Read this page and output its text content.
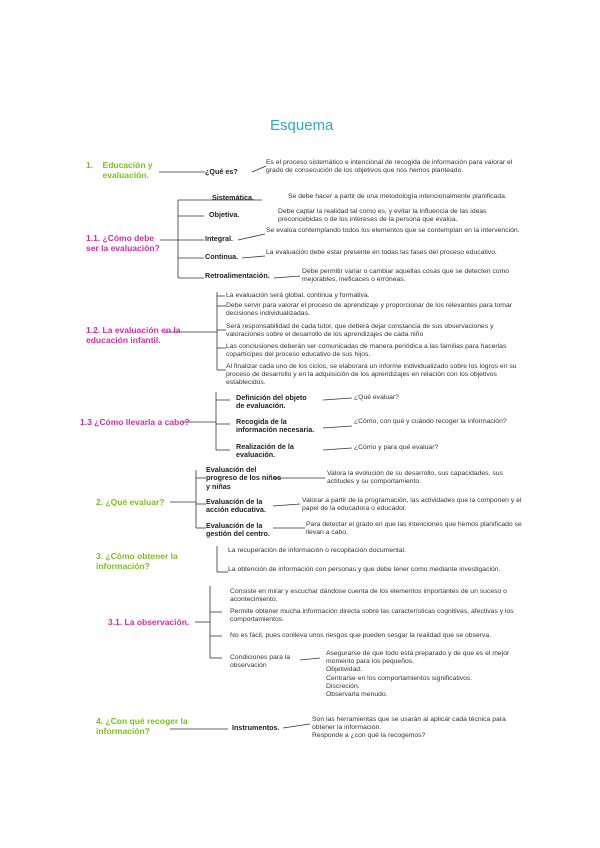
Esquema
1.    Educación y
evaluación.	¿Qué es?
Es el proceso sistemático e intencional de recogida de información para valorar el grado de consecución de los objetivos que nos hemos planteado.
1.1. ¿Cómo debe
ser la evaluación?
Sistemática.	Se debe hacer a partir de una metodología intencionalmente planificada.
Objetiva.	Debe captar la realidad tal como es, y evitar la influencia de las ideas preconcebidas o de los intereses de la persona que evalúa.
Integral.
Se evalúa contemplando todos los elementos que se contemplan en la intervención.
Continua.	La evaluación debe estar presente en todas las fases del proceso educativo.
Retroalimentación.	Debe permitir variar o cambiar aquellas cosas que se detecten como mejorables, ineficaces o erróneas.
1.2. La evaluación en la
educación infantil.
La evaluación será global, continua y formativa.
Debe servir para valorar el proceso de aprendizaje y proporcionar de los relevantes para tomar decisiones individualizadas.
Será responsabilidad de cada tutor, que deberá dejar constancia de sus observaciones y valoraciones sobre el desarrollo de los aprendizajes de cada niño
Las conclusiones deberán ser comunicadas de manera periódica a las familias para hacerlas copartícipes del proceso educativo de sus hijos.
Al finalizar cada uno de los ciclos, se elaborará un informe individualizado sobre los logros en su proceso de desarrollo y en la adquisición de los aprendizajes en relación con los objetivos establecidos.
1.3 ¿Cómo llevarla a cabo?
Definición del objeto
de evaluación.
¿Qué evaluar?
Recogida de la
información necesaria.
¿Cómo, con qué y cuándo recoger la información?
Realización de la
evaluación.
¿Cómo y para qué evaluar?
2. ¿Qué evaluar?
Evaluación del
progreso de los niños
y niñas
Valora la evolución de su desarrollo, sus capacidades, sus actitudes y su comportamiento.
Evaluación de la
acción educativa.
Valorar a partir de la programación, las actividades que la componen y el papel de la educadora o educador.
Evaluación de la
gestión del centro.
Para detectar el grado en que las intenciones que hemos planificado se llevan a cabo.
3. ¿Cómo obtener la
información?
La recuperación de información o recopilación documental.
La obtención de información con personas y que debe tener como mediante investigación.
3.1. La observación.
Consiste en mirar y escuchar dándose cuenta de los elementos importantes de un suceso o acontecimiento.
Permite obtener mucha información directa sobre las características cognitivas, afectivas y los comportamientos.
No es fácil, pues conlleva unos riesgos que pueden sesgar la realidad que se observa.
Condiciones para la
observación
Asegurarse de que todo está preparado y de que es el mejor momento para los pequeños.
Objetividad.
Centrarse en los comportamientos significativos.
Discreción.
Observarla menudo.
4. ¿Con qué recoger la
información?	Instrumentos.
Son las herramientas que se usarán al aplicar cada técnica para obtener la información.
Responde a ¿con qué la recogemos?
